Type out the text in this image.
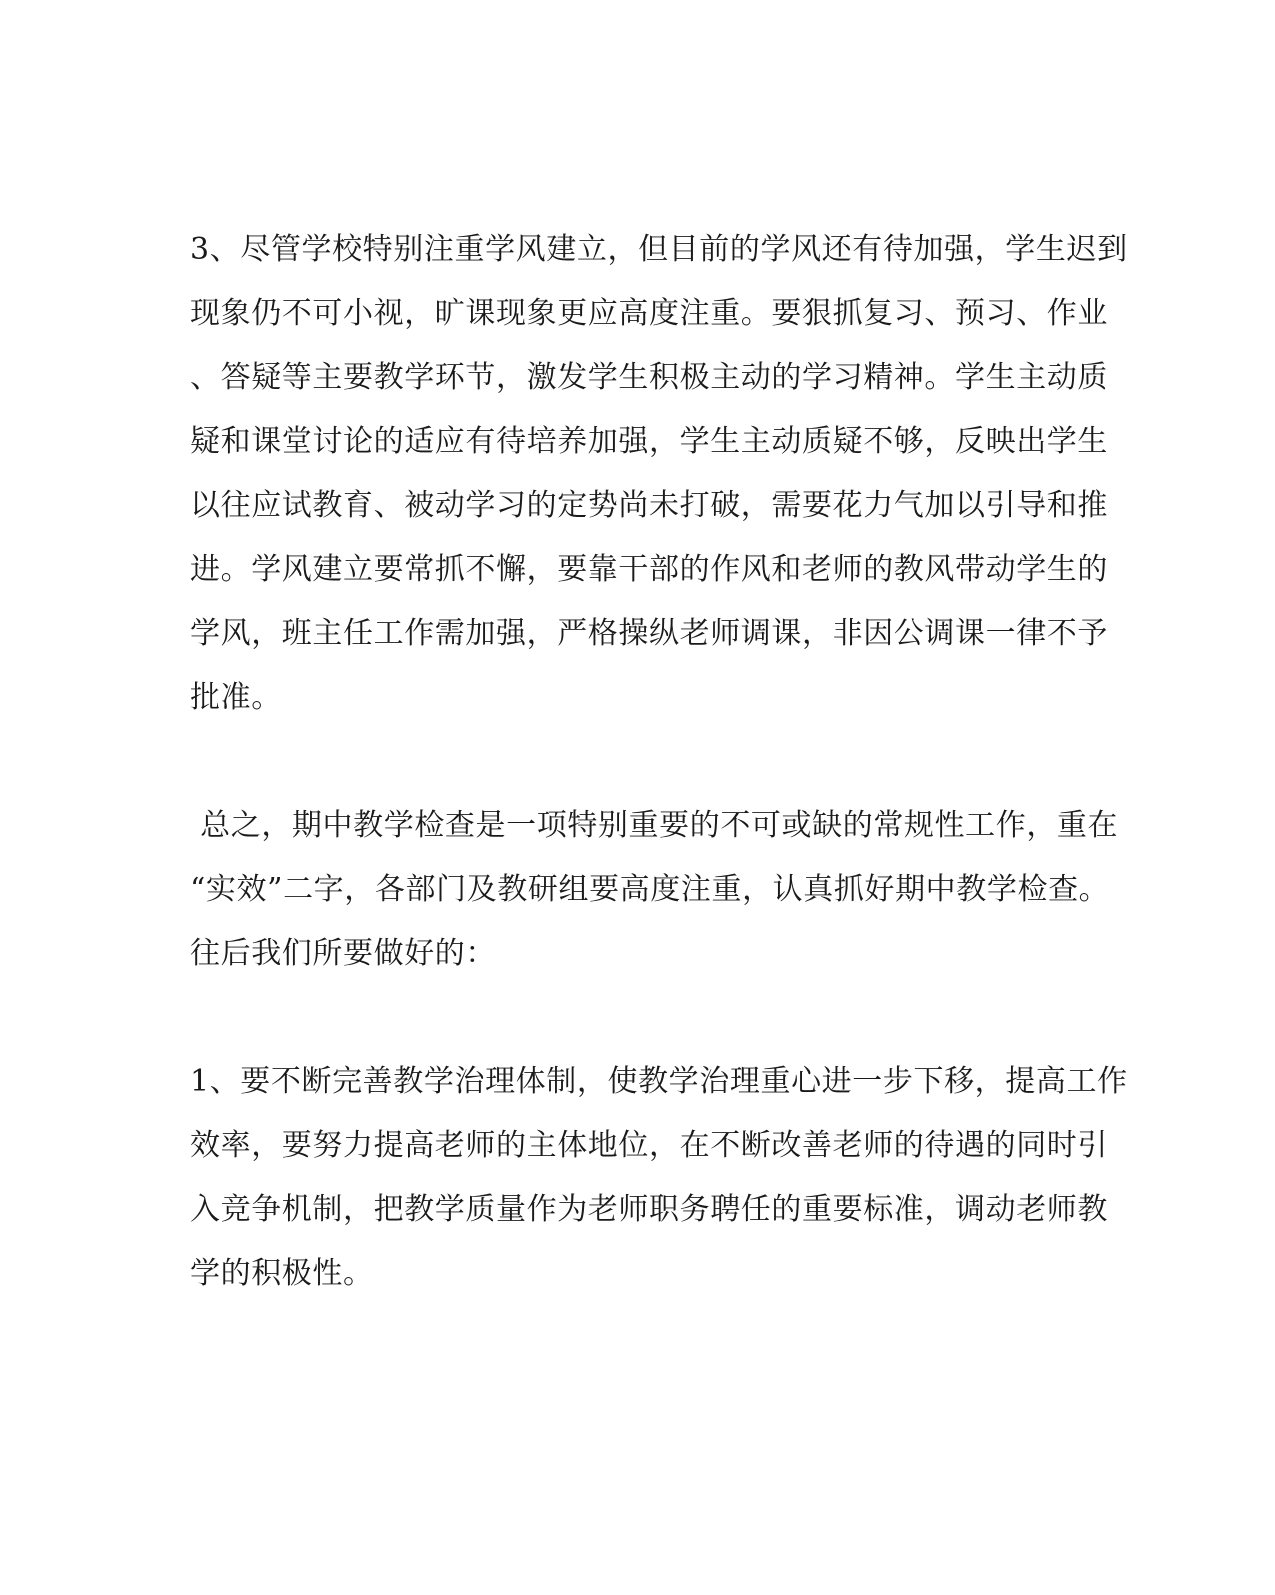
3、尽管学校特别注重学风建立，但目前的学风还有待加强，学生迟到
现象仍不可小视，旷课现象更应高度注重。要狠抓复习、预习、作业
、答疑等主要教学环节，激发学生积极主动的学习精神。学生主动质
疑和课堂讨论的适应有待培养加强，学生主动质疑不够，反映出学生
以往应试教育、被动学习的定势尚未打破，需要花力气加以引导和推
进。学风建立要常抓不懈，要靠干部的作风和老师的教风带动学生的
学风，班主任工作需加强，严格操纵老师调课，非因公调课一律不予
批准。

总之，期中教学检查是一项特别重要的不可或缺的常规性工作，重在
“实效”二字，各部门及教研组要高度注重，认真抓好期中教学检查。
往后我们所要做好的：

1、要不断完善教学治理体制，使教学治理重心进一步下移，提高工作
效率，要努力提高老师的主体地位，在不断改善老师的待遇的同时引
入竞争机制，把教学质量作为老师职务聘任的重要标准，调动老师教
学的积极性。
